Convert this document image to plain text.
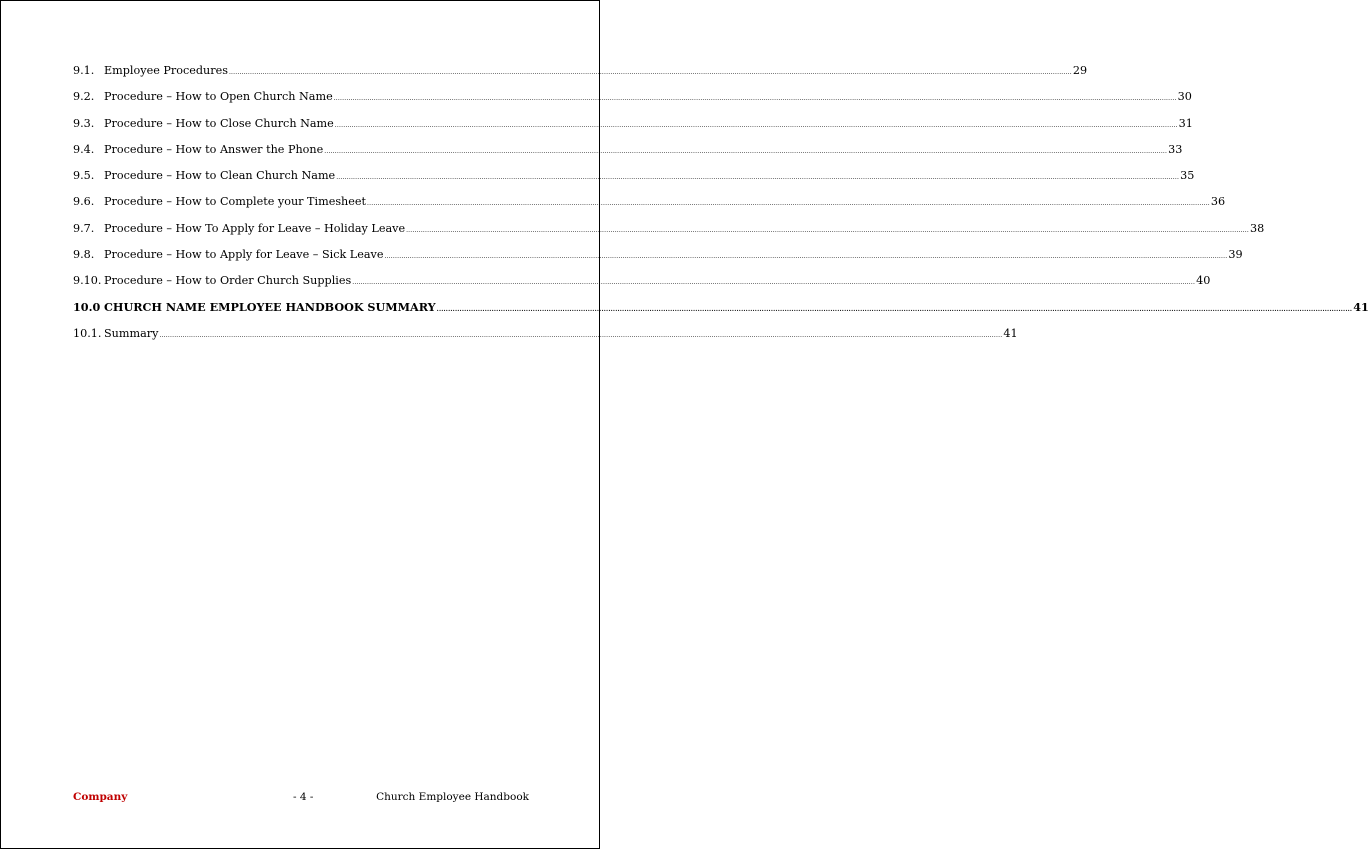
9.1. Employee Procedures ................................................................................................................................................................................................................................................................................................................................................................................................................ 29
9.2. Procedure – How to Open Church Name ................................................................................................................................................................................................................................................................................................................................................................................................................ 30
9.3. Procedure – How to Close Church Name ................................................................................................................................................................................................................................................................................................................................................................................................................ 31
9.4. Procedure – How to Answer the Phone ................................................................................................................................................................................................................................................................................................................................................................................................................ 33
9.5. Procedure – How to Clean Church Name ................................................................................................................................................................................................................................................................................................................................................................................................................ 35
9.6. Procedure – How to Complete your Timesheet ................................................................................................................................................................................................................................................................................................................................................................................................................ 36
9.7. Procedure – How To Apply for Leave – Holiday Leave ................................................................................................................................................................................................................................................................................................................................................................................................................ 38
9.8. Procedure – How to Apply for Leave – Sick Leave ................................................................................................................................................................................................................................................................................................................................................................................................................ 39
9.10. Procedure – How to Order Church Supplies ................................................................................................................................................................................................................................................................................................................................................................................................................ 40
10.0 CHURCH NAME EMPLOYEE HANDBOOK SUMMARY ................................................................................................................................................................................................................................................................................................................................................................................................................ 41
10.1. Summary ................................................................................................................................................................................................................................................................................................................................................................................................................ 41
Company	- 4 -	Church Employee Handbook
